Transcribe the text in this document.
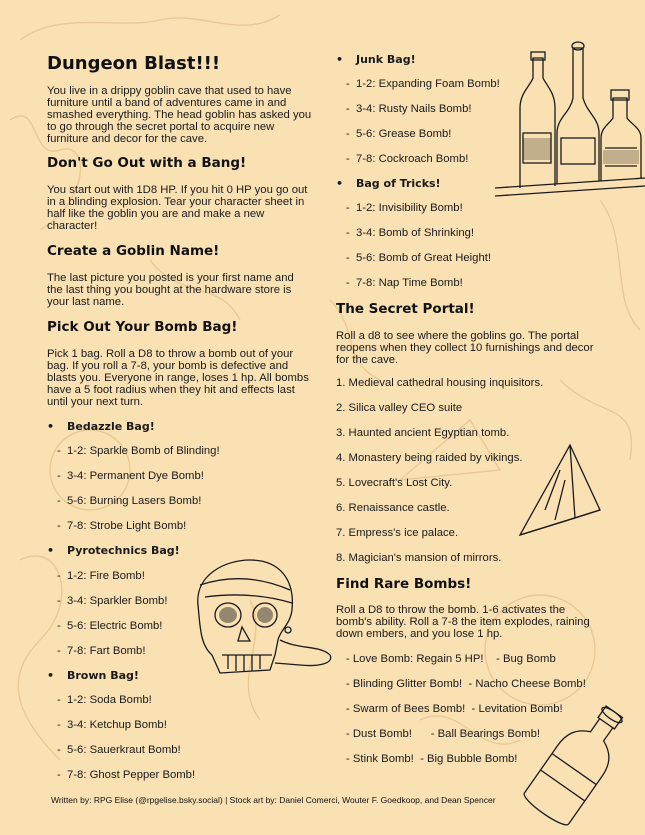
Dungeon Blast!!!

You live in a drippy goblin cave that used to have furniture until a band of adventures came in and smashed everything. The head goblin has asked you to go through the secret portal to acquire new furniture and decor for the cave.

Don't Go Out with a Bang!

You start out with 1D8 HP. If you hit 0 HP you go out in a blinding explosion. Tear your character sheet in half like the goblin you are and make a new character!

Create a Goblin Name!

The last picture you posted is your first name and the last thing you bought at the hardware store is your last name.

Pick Out Your Bomb Bag!

Pick 1 bag. Roll a D8 to throw a bomb out of your bag. If you roll a 7-8, your bomb is defective and blasts you. Everyone in range, loses 1 hp. All bombs have a 5 foot radius when they hit and effects last until your next turn.

• Bedazzle Bag!
- 1-2: Sparkle Bomb of Blinding!
- 3-4: Permanent Dye Bomb!
- 5-6: Burning Lasers Bomb!
- 7-8: Strobe Light Bomb!
• Pyrotechnics Bag!
- 1-2: Fire Bomb!
- 3-4: Sparkler Bomb!
- 5-6: Electric Bomb!
- 7-8: Fart Bomb!
• Brown Bag!
- 1-2: Soda Bomb!
- 3-4: Ketchup Bomb!
- 5-6: Sauerkraut Bomb!
- 7-8: Ghost Pepper Bomb!
• Junk Bag!
- 1-2: Expanding Foam Bomb!
- 3-4: Rusty Nails Bomb!
- 5-6: Grease Bomb!
- 7-8: Cockroach Bomb!
• Bag of Tricks!
- 1-2: Invisibility Bomb!
- 3-4: Bomb of Shrinking!
- 5-6: Bomb of Great Height!
- 7-8: Nap Time Bomb!
The Secret Portal!

Roll a d8 to see where the goblins go. The portal reopens when they collect 10 furnishings and decor for the cave.

1. Medieval cathedral housing inquisitors.
2. Silica valley CEO suite
3. Haunted ancient Egyptian tomb.
4. Monastery being raided by vikings.
5. Lovecraft's Lost City.
6. Renaissance castle.
7. Empress's ice palace.
8. Magician's mansion of mirrors.
Find Rare Bombs!

Roll a D8 to throw the bomb. 1-6 activates the bomb's ability. Roll a 7-8 the item explodes, raining down embers, and you lose 1 hp.

- Love Bomb: Regain 5 HP!    - Bug Bomb
- Blinding Glitter Bomb!  - Nacho Cheese Bomb!
- Swarm of Bees Bomb!  - Levitation Bomb!
- Dust Bomb!      - Ball Bearings Bomb!
- Stink Bomb!  - Big Bubble Bomb!
Written by: RPG Elise (@rpgelise.bsky.social) | Stock art by: Daniel Comerci, Wouter F. Goedkoop, and Dean Spencer
